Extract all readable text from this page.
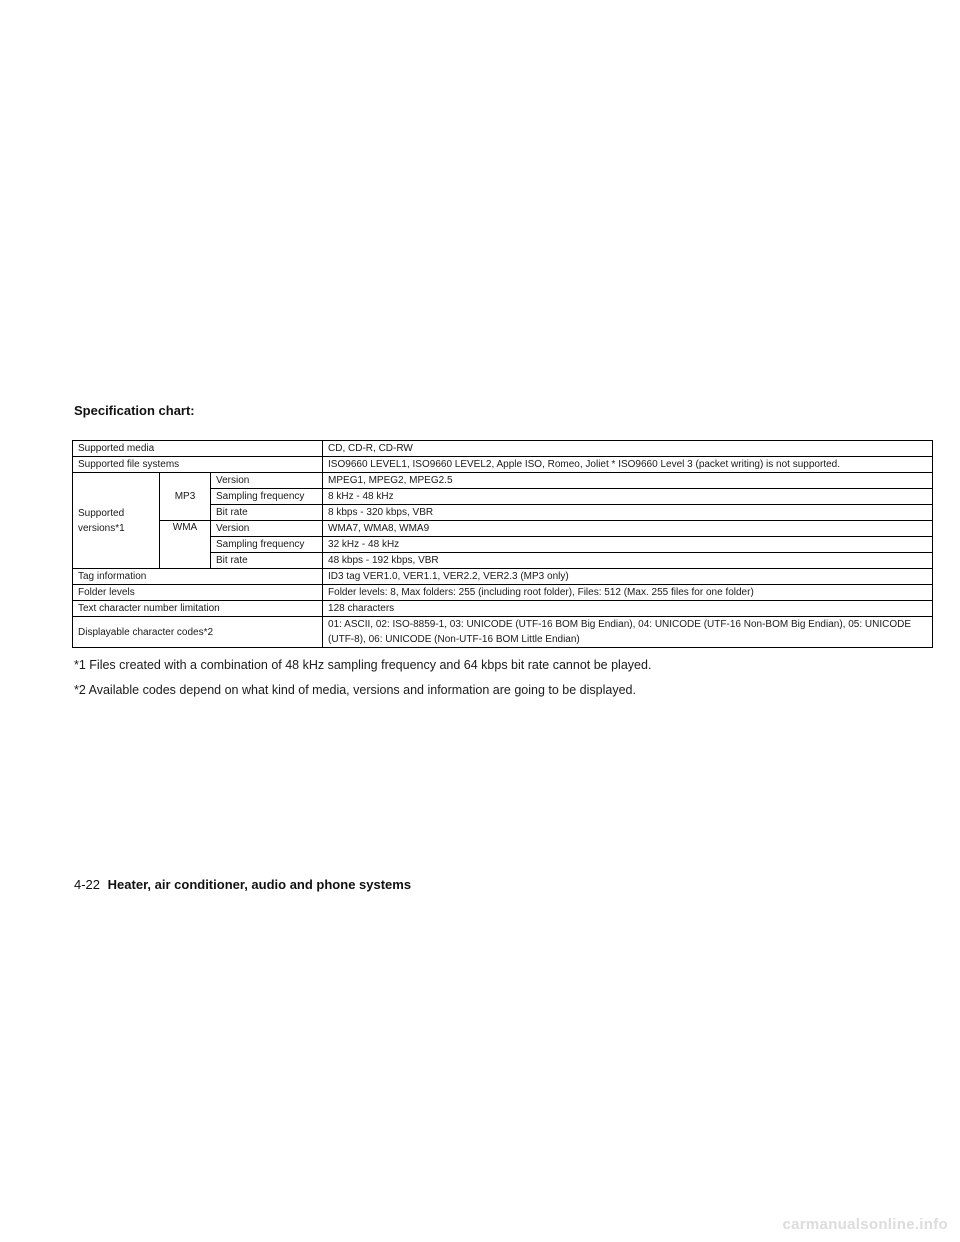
Specification chart:
Supported media			CD, CD-R, CD-RW
Supported file systems			ISO9660 LEVEL1, ISO9660 LEVEL2, Apple ISO, Romeo, Joliet * ISO9660 Level 3 (packet writing) is not supported.
Supported versions*1	MP3	Version	MPEG1, MPEG2, MPEG2.5
		Sampling frequency	8 kHz - 48 kHz
		Bit rate	8 kbps - 320 kbps, VBR
	WMA	Version	WMA7, WMA8, WMA9
		Sampling frequency	32 kHz - 48 kHz
		Bit rate	48 kbps - 192 kbps, VBR
Tag information			ID3 tag VER1.0, VER1.1, VER2.2, VER2.3 (MP3 only)
Folder levels			Folder levels: 8, Max folders: 255 (including root folder), Files: 512 (Max. 255 files for one folder)
Text character number limitation			128 characters
Displayable character codes*2			01: ASCII, 02: ISO-8859-1, 03: UNICODE (UTF-16 BOM Big Endian), 04: UNICODE (UTF-16 Non-BOM Big Endian), 05: UNICODE (UTF-8), 06: UNICODE (Non-UTF-16 BOM Little Endian)
*1 Files created with a combination of 48 kHz sampling frequency and 64 kbps bit rate cannot be played.
*2 Available codes depend on what kind of media, versions and information are going to be displayed.
4-22 Heater, air conditioner, audio and phone systems
carmanualsonline.info
